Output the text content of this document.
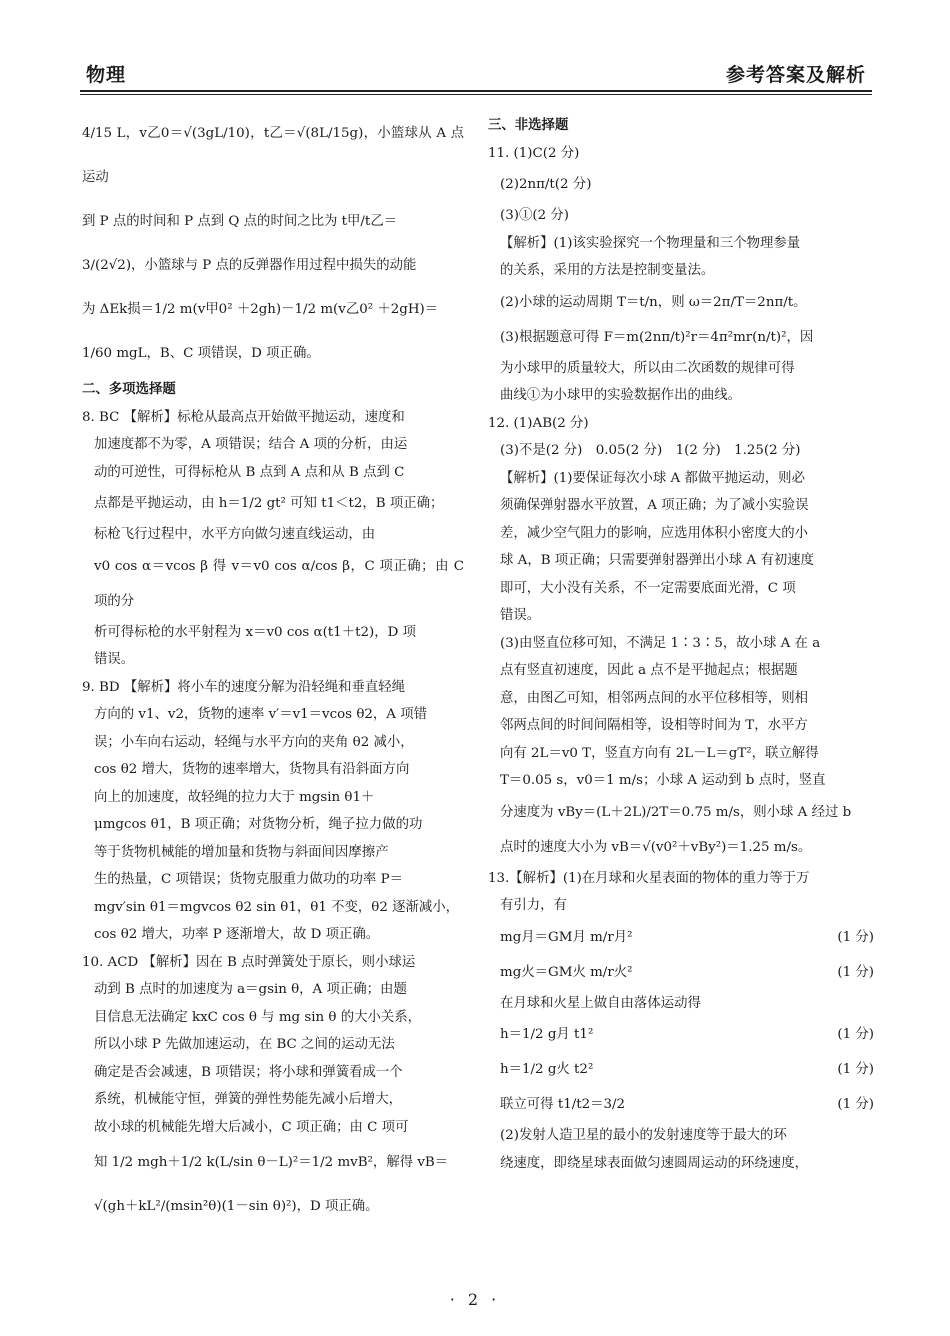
物理	参考答案及解析

4/15 L，v乙0＝√(3gL/10)，t乙＝√(8L/15g)，小篮球从 A 点运动

到 P 点的时间和 P 点到 Q 点的时间之比为 t甲/t乙＝

3/(2√2)，小篮球与 P 点的反弹器作用过程中损失的动能

为 ΔEk损＝1/2 m(v甲0² ＋2gh)－1/2 m(v乙0² ＋2gH)＝

1/60 mgL，B、C 项错误，D 项正确。

二、多项选择题

8. BC 【解析】标枪从最高点开始做平抛运动，速度和

加速度都不为零，A 项错误；结合 A 项的分析，由运

动的可逆性，可得标枪从 B 点到 A 点和从 B 点到 C

点都是平抛运动，由 h＝1/2 gt² 可知 t1＜t2，B 项正确；

标枪飞行过程中，水平方向做匀速直线运动，由

v0 cos α＝vcos β 得 v＝v0 cos α/cos β，C 项正确；由 C 项的分

析可得标枪的水平射程为 x＝v0 cos α(t1＋t2)，D 项

错误。

9. BD 【解析】将小车的速度分解为沿轻绳和垂直轻绳

方向的 v1、v2，货物的速率 v′＝v1＝vcos θ2，A 项错

误；小车向右运动，轻绳与水平方向的夹角 θ2 减小，

cos θ2 增大，货物的速率增大，货物具有沿斜面方向

向上的加速度，故轻绳的拉力大于 mgsin θ1＋

μmgcos θ1，B 项正确；对货物分析，绳子拉力做的功

等于货物机械能的增加量和货物与斜面间因摩擦产

生的热量，C 项错误；货物克服重力做功的功率 P＝

mgv′sin θ1＝mgvcos θ2 sin θ1，θ1 不变，θ2 逐渐减小，

cos θ2 增大，功率 P 逐渐增大，故 D 项正确。

10. ACD 【解析】因在 B 点时弹簧处于原长，则小球运

动到 B 点时的加速度为 a＝gsin θ，A 项正确；由题

目信息无法确定 kxC cos θ 与 mg sin θ 的大小关系，

所以小球 P 先做加速运动，在 BC 之间的运动无法

确定是否会减速，B 项错误；将小球和弹簧看成一个

系统，机械能守恒，弹簧的弹性势能先减小后增大，

故小球的机械能先增大后减小，C 项正确；由 C 项可

知 1/2 mgh＋1/2 k(L/sin θ－L)²＝1/2 mvB²，解得 vB＝

√(gh＋kL²/(msin²θ)(1－sin θ)²)，D 项正确。

三、非选择题

11. (1)C(2 分)

(2)2nπ/t(2 分)

(3)①(2 分)

【解析】(1)该实验探究一个物理量和三个物理参量

的关系，采用的方法是控制变量法。

(2)小球的运动周期 T＝t/n，则 ω＝2π/T＝2nπ/t。

(3)根据题意可得 F＝m(2nπ/t)²r＝4π²mr(n/t)²，因

为小球甲的质量较大，所以由二次函数的规律可得

曲线①为小球甲的实验数据作出的曲线。

12. (1)AB(2 分)

(3)不是(2 分)　0.05(2 分)　1(2 分)　1.25(2 分)

【解析】(1)要保证每次小球 A 都做平抛运动，则必

须确保弹射器水平放置，A 项正确；为了减小实验误

差，减少空气阻力的影响，应选用体积小密度大的小

球 A，B 项正确；只需要弹射器弹出小球 A 有初速度

即可，大小没有关系，不一定需要底面光滑，C 项

错误。

(3)由竖直位移可知，不满足 1∶3∶5，故小球 A 在 a

点有竖直初速度，因此 a 点不是平抛起点；根据题

意，由图乙可知，相邻两点间的水平位移相等，则相

邻两点间的时间间隔相等，设相等时间为 T，水平方

向有 2L＝v0 T，竖直方向有 2L－L＝gT²，联立解得

T＝0.05 s，v0＝1 m/s；小球 A 运动到 b 点时，竖直

分速度为 vBy＝(L＋2L)/2T＝0.75 m/s，则小球 A 经过 b

点时的速度大小为 vB＝√(v0²＋vBy²)＝1.25 m/s。

13.【解析】(1)在月球和火星表面的物体的重力等于万

有引力，有

mg月＝GM月 m/r月²	(1 分)

mg火＝GM火 m/r火²	(1 分)

在月球和火星上做自由落体运动得

h＝1/2 g月 t1²	(1 分)

h＝1/2 g火 t2²	(1 分)

联立可得 t1/t2＝3/2	(1 分)

(2)发射人造卫星的最小的发射速度等于最大的环

绕速度，即绕星球表面做匀速圆周运动的环绕速度，

· 2 ·
